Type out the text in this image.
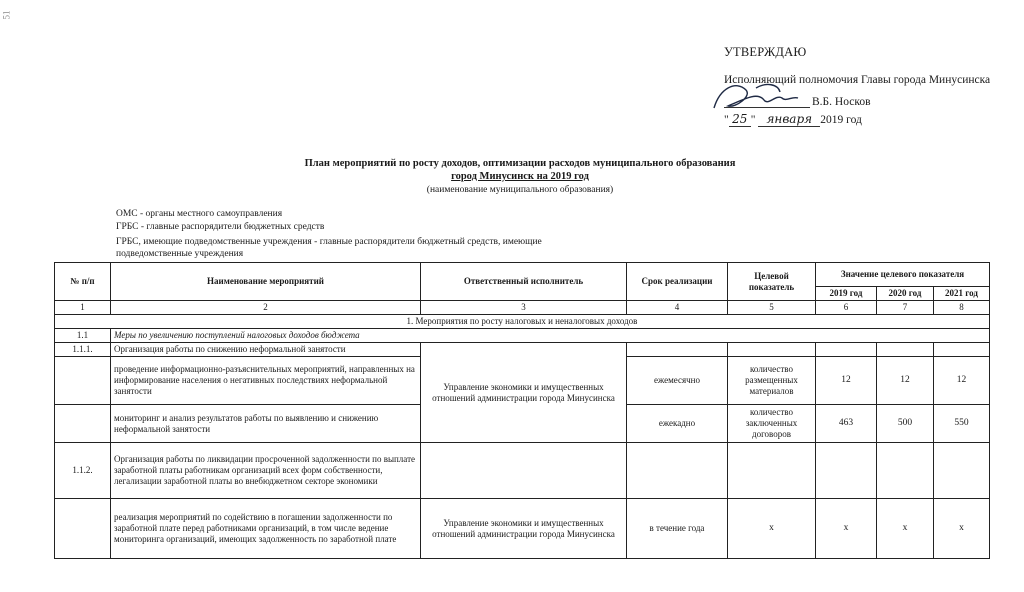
51
УТВЕРЖДАЮ
Исполняющий полномочия Главы города Минусинска
В.Б. Носков
" 25 " января 2019 год
План мероприятий по росту доходов, оптимизации расходов муниципального образования
город Минусинск на 2019 год
(наименование муниципального образования)
ОМС - органы местного самоуправления
ГРБС - главные распорядители бюджетных средств
ГРБС, имеющие подведомственные учреждения - главные распорядители бюджетный средств, имеющие подведомственные учреждения
№ п/п	Наименование мероприятий	Ответственный исполнитель	Срок реализации	Целевой показатель	Значение целевого показателя		
					2019 год	2020 год	2021 год
1	2	3	4	5	6	7	8
1. Мероприятия по росту налоговых и неналоговых доходов							
1.1	Меры по увеличению поступлений налоговых доходов бюджета						
1.1.1.	Организация работы по снижению неформальной занятости	Управление экономики и имущественных отношений администрации города Минусинска					
	проведение информационно-разъяснительных мероприятий, направленных на информирование населения о негативных последствиях неформальной занятости		ежемесячно	количество размещенных материалов	12	12	12
	мониторинг и анализ результатов работы по выявлению и снижению неформальной занятости		ежекадно	количество заключенных договоров	463	500	550
1.1.2.	Организация работы по ликвидации просроченной задолженности по выплате заработной платы работникам организаций всех форм собственности, легализации заработной платы во внебюджетном секторе экономики						
	реализация мероприятий по содействию в погашении задолженности по заработной плате перед работниками организаций, в том числе ведение мониторинга организаций, имеющих задолженность по заработной плате	Управление экономики и имущественных отношений администрации города Минусинска	в течение года	х	х	х	х
